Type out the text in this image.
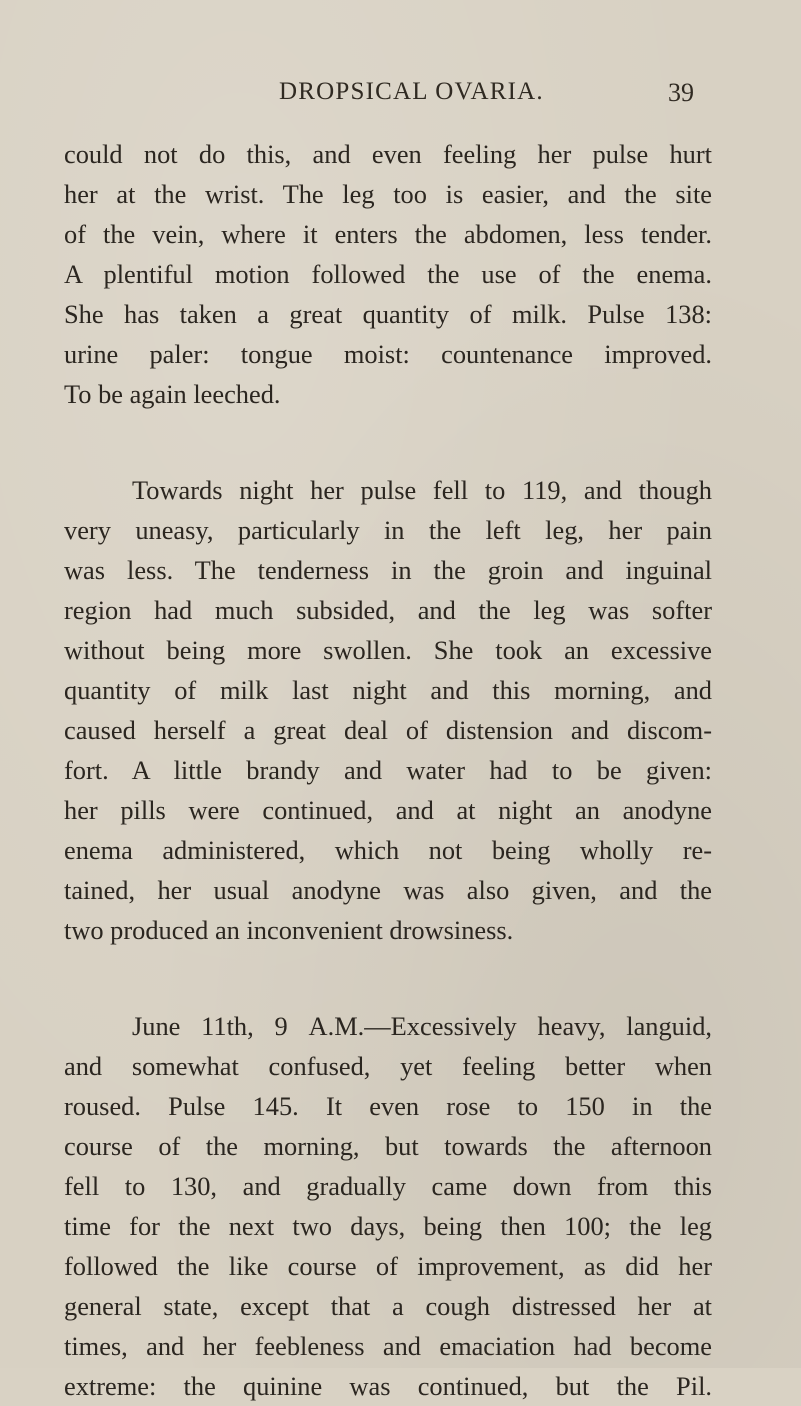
DROPSICAL OVARIA.	39
could not do this, and even feeling her pulse hurt
her at the wrist. The leg too is easier, and the site
of the vein, where it enters the abdomen, less tender.
A plentiful motion followed the use of the enema.
She has taken a great quantity of milk. Pulse 138:
urine paler: tongue moist: countenance improved.
To be again leeched.
Towards night her pulse fell to 119, and though
very uneasy, particularly in the left leg, her pain
was less. The tenderness in the groin and inguinal
region had much subsided, and the leg was softer
without being more swollen. She took an excessive
quantity of milk last night and this morning, and
caused herself a great deal of distension and discom-
fort. A little brandy and water had to be given:
her pills were continued, and at night an anodyne
enema administered, which not being wholly re-
tained, her usual anodyne was also given, and the
two produced an inconvenient drowsiness.
June 11th, 9 A.M.—Excessively heavy, languid,
and somewhat confused, yet feeling better when
roused. Pulse 145. It even rose to 150 in the
course of the morning, but towards the afternoon
fell to 130, and gradually came down from this
time for the next two days, being then 100; the leg
followed the like course of improvement, as did her
general state, except that a cough distressed her at
times, and her feebleness and emaciation had become
extreme: the quinine was continued, but the Pil.
